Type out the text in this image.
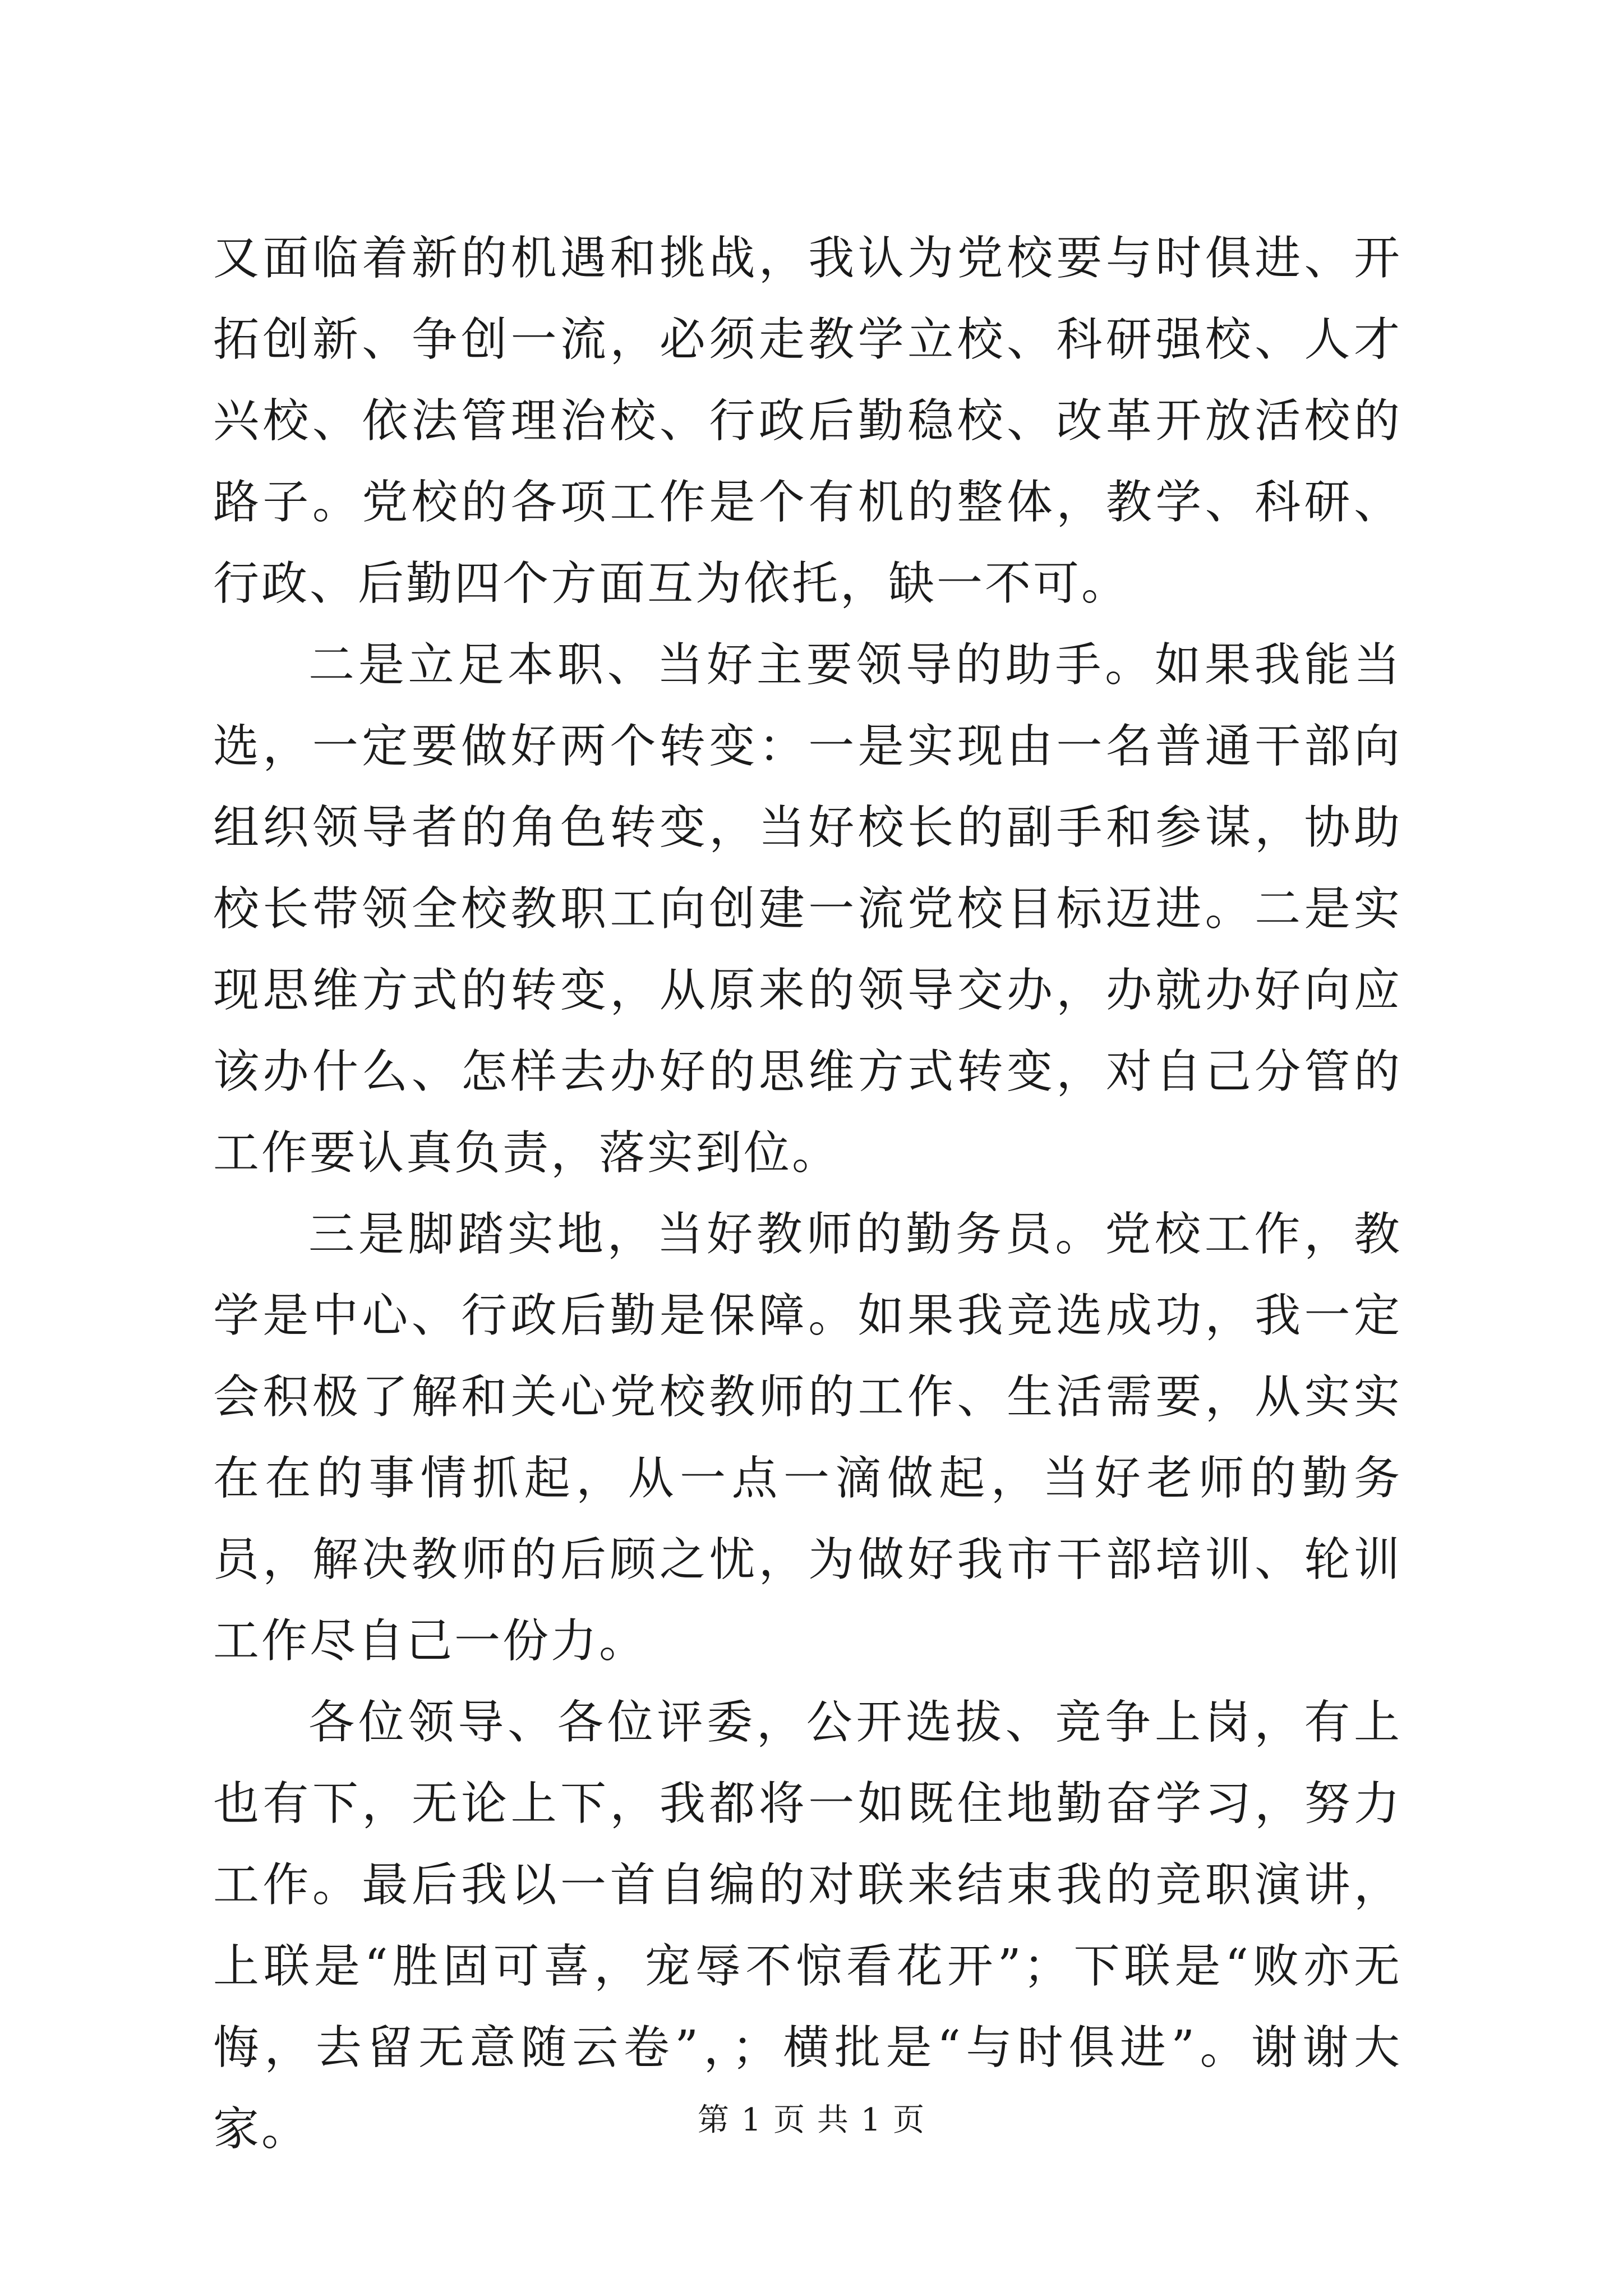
又面临着新的机遇和挑战，我认为党校要与时俱进、开拓创新、争创一流，必须走教学立校、科研强校、人才兴校、依法管理治校、行政后勤稳校、改革开放活校的路子。党校的各项工作是个有机的整体，教学、科研、行政、后勤四个方面互为依托，缺一不可。

二是立足本职、当好主要领导的助手。如果我能当选，一定要做好两个转变：一是实现由一名普通干部向组织领导者的角色转变，当好校长的副手和参谋，协助校长带领全校教职工向创建一流党校目标迈进。二是实现思维方式的转变，从原来的领导交办，办就办好向应该办什么、怎样去办好的思维方式转变，对自己分管的工作要认真负责，落实到位。

三是脚踏实地，当好教师的勤务员。党校工作，教学是中心、行政后勤是保障。如果我竞选成功，我一定会积极了解和关心党校教师的工作、生活需要，从实实在在的事情抓起，从一点一滴做起，当好老师的勤务员，解决教师的后顾之忧，为做好我市干部培训、轮训工作尽自己一份力。

各位领导、各位评委，公开选拔、竞争上岗，有上也有下，无论上下，我都将一如既住地勤奋学习，努力工作。最后我以一首自编的对联来结束我的竞职演讲，上联是“胜固可喜，宠辱不惊看花开”；下联是“败亦无悔，去留无意随云卷”，；横批是“与时俱进”。谢谢大家。	第 1 页 共 1 页
